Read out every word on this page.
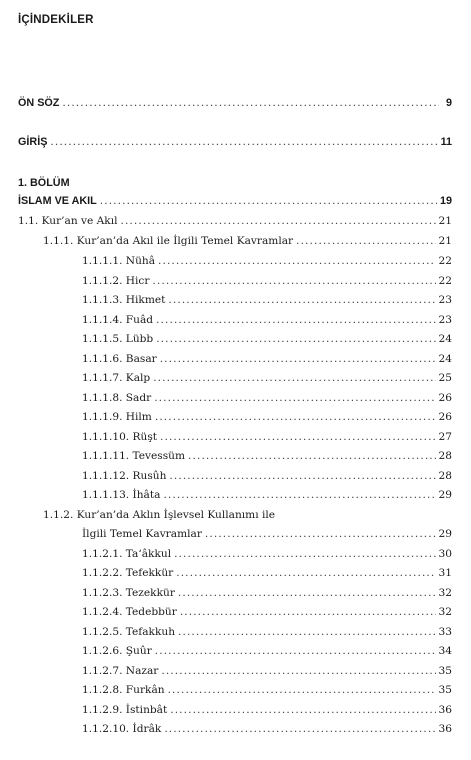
İÇİNDEKİLER
ÖN SÖZ .....	9
GİRİŞ .....	11
1. BÖLÜM
İSLAM VE AKIL .....	19
1.1. Kur’an ve Akıl .....	21
1.1.1. Kur’an’da Akıl ile İlgili Temel Kavramlar .....	21
1.1.1.1. Nühâ .....	22
1.1.1.2. Hicr .....	22
1.1.1.3. Hikmet .....	23
1.1.1.4. Fuâd .....	23
1.1.1.5. Lübb .....	24
1.1.1.6. Basar .....	24
1.1.1.7. Kalp .....	25
1.1.1.8. Sadr .....	26
1.1.1.9. Hilm .....	26
1.1.1.10. Rüşt .....	27
1.1.1.11. Tevessüm .....	28
1.1.1.12. Rusûh .....	28
1.1.1.13. İhâta .....	29
1.1.2. Kur’an’da Aklın İşlevsel Kullanımı ile
İlgili Temel Kavramlar .....	29
1.1.2.1. Ta‘âkkul .....	30
1.1.2.2. Tefekkür .....	31
1.1.2.3. Tezekkür .....	32
1.1.2.4. Tedebbür .....	32
1.1.2.5. Tefakkuh .....	33
1.1.2.6. Şuûr .....	34
1.1.2.7. Nazar .....	35
1.1.2.8. Furkân .....	35
1.1.2.9. İstinbât .....	36
1.1.2.10. İdrâk .....	36
